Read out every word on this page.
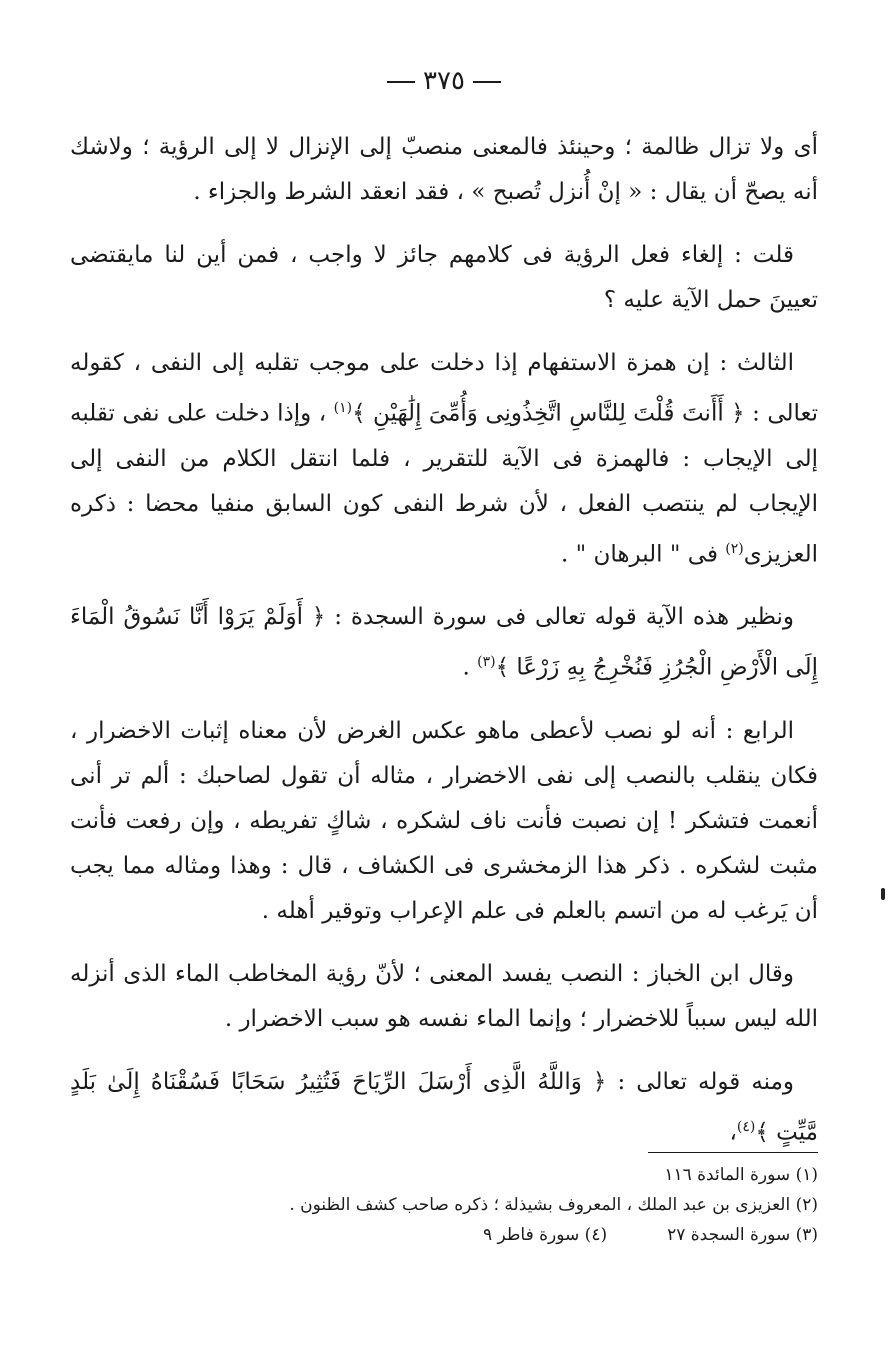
٣٧٥

أى ولا تزال ظالمة ؛ وحينئذ فالمعنى منصبّ إلى الإنزال لا إلى الرؤية ؛ ولاشك أنه يصحّ أن يقال : « إنْ أُنزل تُصبح » ، فقد انعقد الشرط والجزاء .

قلت : إلغاء فعل الرؤية فى كلامهم جائز لا واجب ، فمن أين لنا مايقتضى تعيينَ حمل الآية عليه ؟

الثالث : إن همزة الاستفهام إذا دخلت على موجب تقلبه إلى النفى ، كقوله تعالى : ﴿ أَأَنتَ قُلْتَ لِلنَّاسِ اتَّخِذُونِى وَأُمِّىَ إِلَٰهَيْنِ ﴾$^{(١)}$ ، وإذا دخلت على نفى تقلبه إلى الإيجاب : فالهمزة فى الآية للتقرير ، فلما انتقل الكلام من النفى إلى الإيجاب لم ينتصب الفعل ، لأن شرط النفى كون السابق منفيا محضا : ذكره العزيزى$^{(٢)}$ فى " البرهان " .

ونظير هذه الآية قوله تعالى فى سورة السجدة : ﴿ أَوَلَمْ يَرَوْا أَنَّا نَسُوقُ الْمَاءَ إِلَى الْأَرْضِ الْجُرُزِ فَنُخْرِجُ بِهِ زَرْعًا ﴾$^{(٣)}$ .

الرابع : أنه لو نصب لأعطى ماهو عكس الغرض لأن معناه إثبات الاخضرار ، فكان ينقلب بالنصب إلى نفى الاخضرار ، مثاله أن تقول لصاحبك : ألم تر أنى أنعمت فتشكر ! إن نصبت فأنت ناف لشكره ، شاكٍ تفريطه ، وإن رفعت فأنت مثبت لشكره . ذكر هذا الزمخشرى فى الكشاف ، قال : وهذا ومثاله مما يجب أن يَرغب له من اتسم بالعلم فى علم الإعراب وتوقير أهله .

وقال ابن الخباز : النصب يفسد المعنى ؛ لأنّ رؤية المخاطب الماء الذى أنزله الله ليس سبباً للاخضرار ؛ وإنما الماء نفسه هو سبب الاخضرار .

ومنه قوله تعالى : ﴿ وَاللَّهُ الَّذِى أَرْسَلَ الرِّيَاحَ فَتُثِيرُ سَحَابًا فَسُقْنَاهُ إِلَىٰ بَلَدٍ مَّيِّتٍ ﴾$^{(٤)}$،

(١) سورة المائدة ١١٦
(٢) العزيزى بن عبد الملك ، المعروف بشيذلة ؛ ذكره صاحب كشف الظنون .
(٣) سورة السجدة ٢٧
(٤) سورة فاطر ٩
